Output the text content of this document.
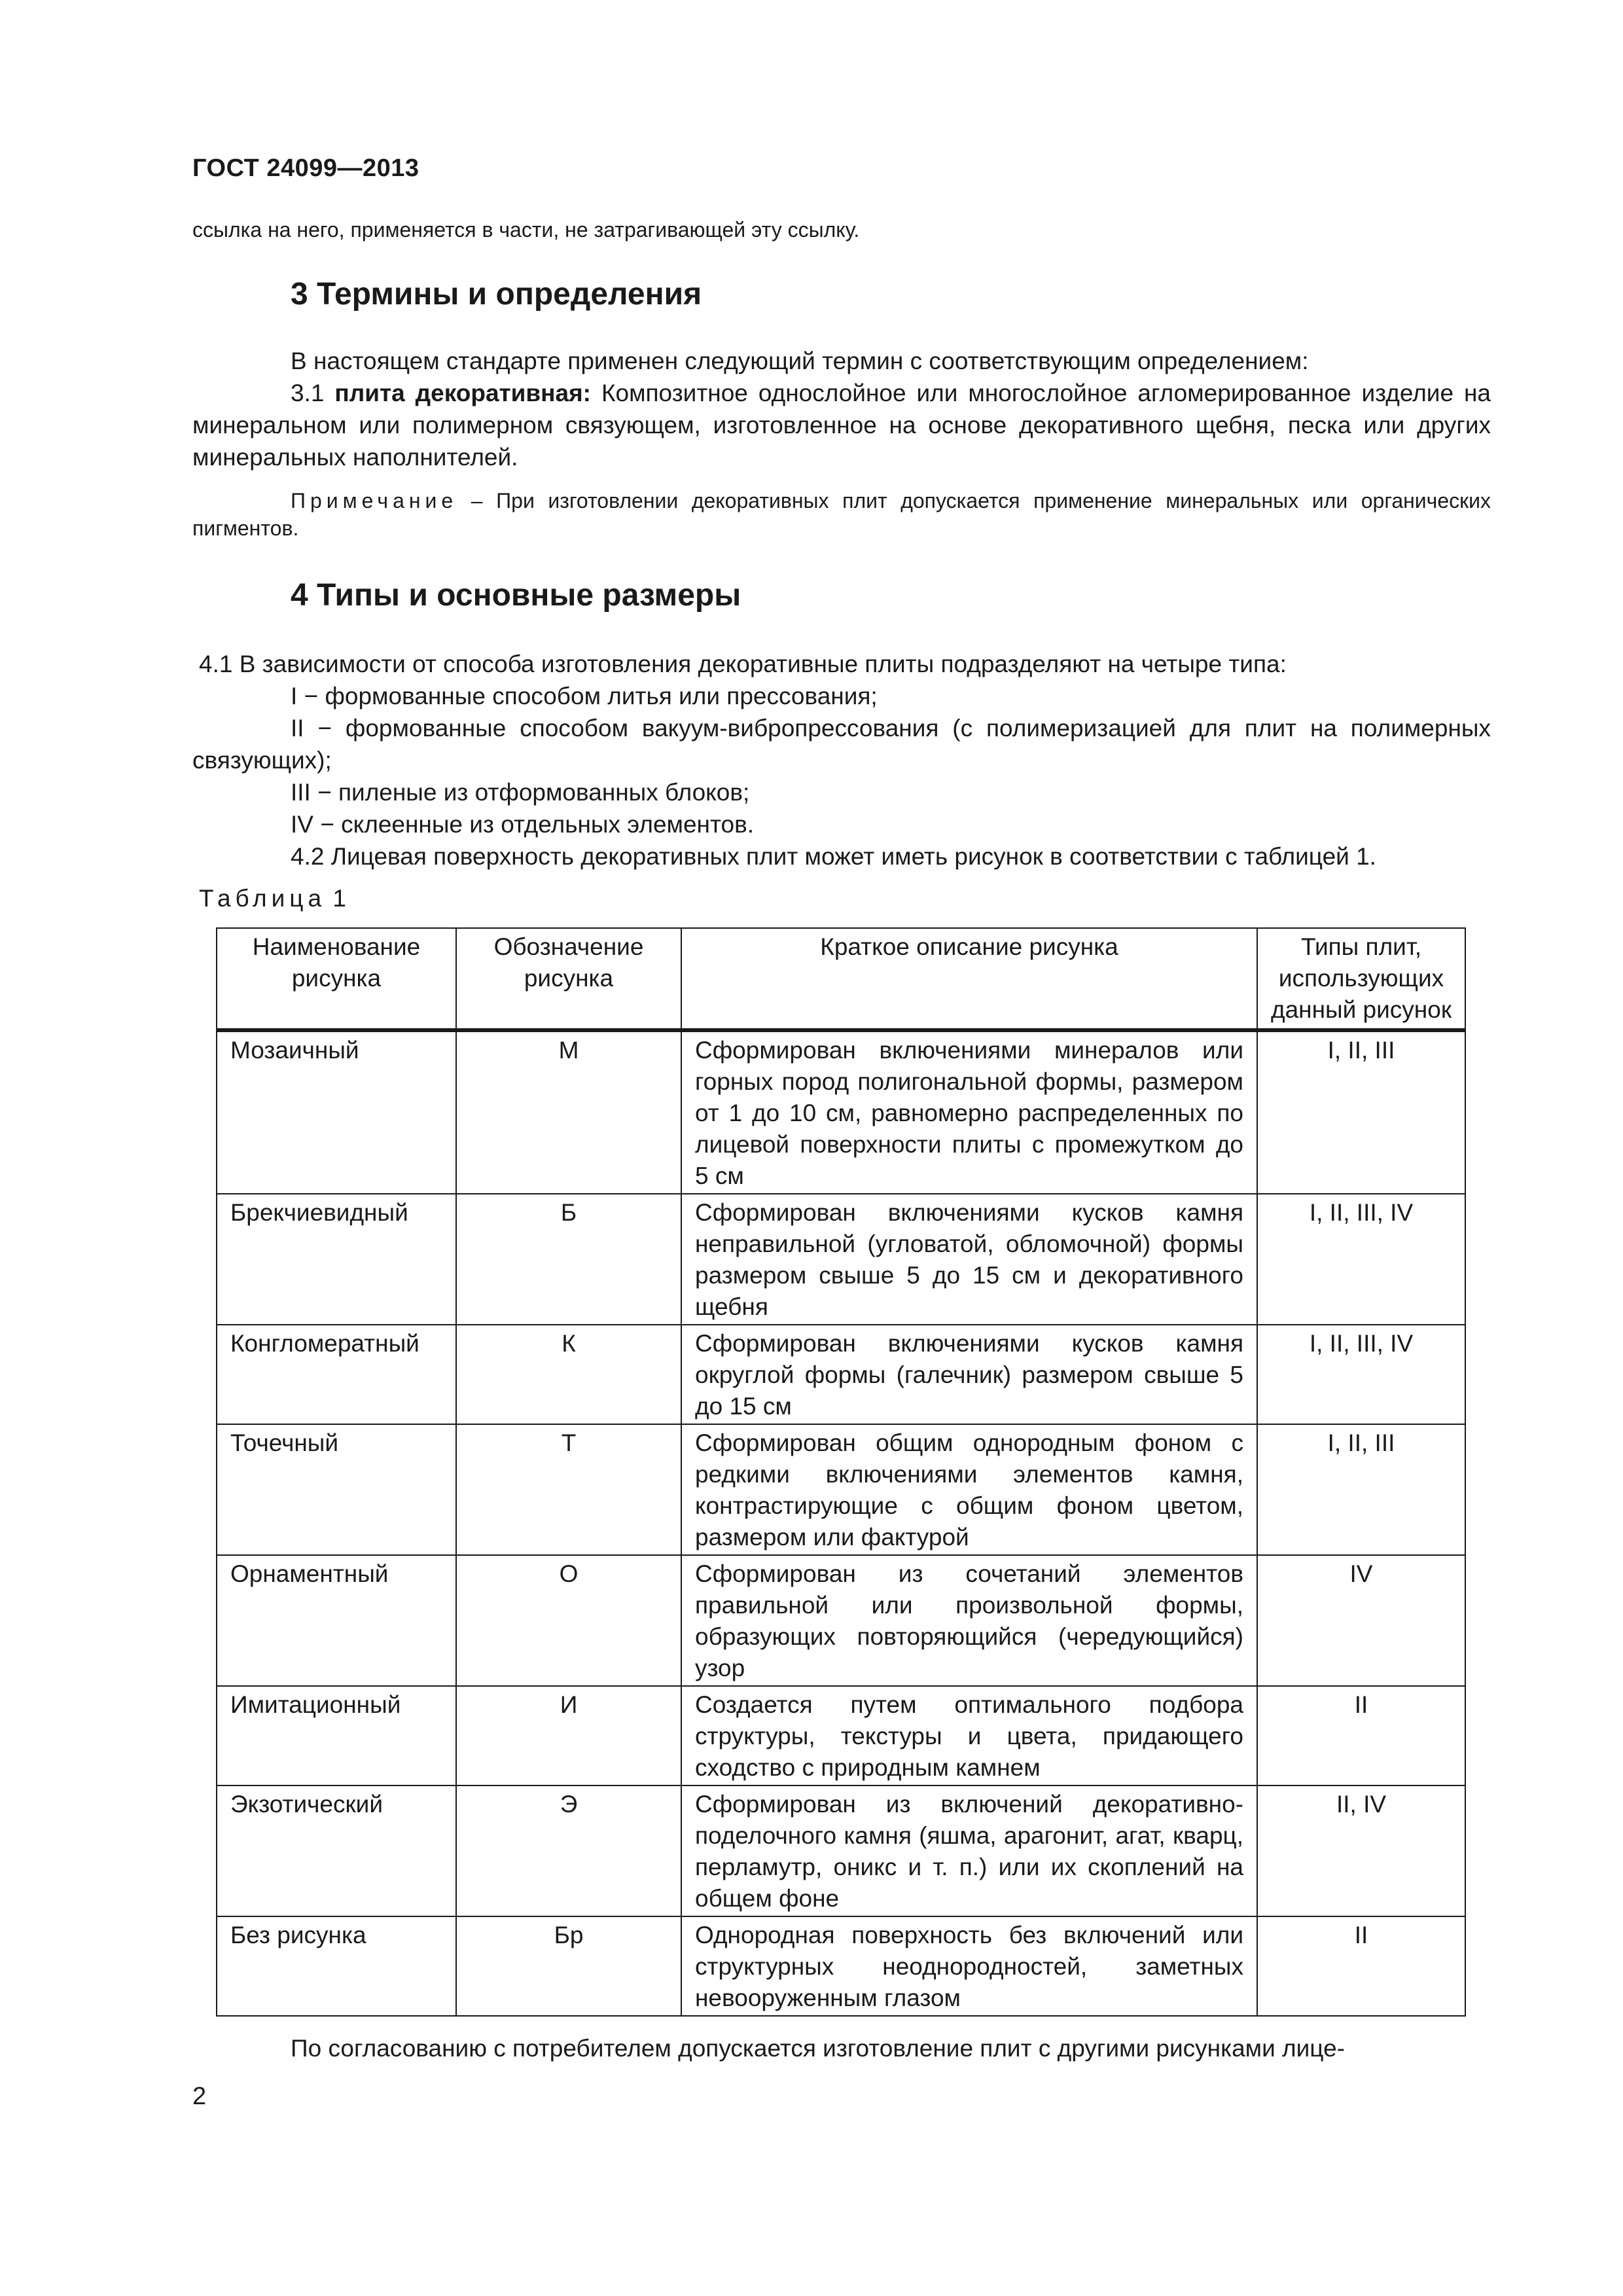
ГОСТ 24099—2013
ссылка на него, применяется в части, не затрагивающей эту ссылку.
3 Термины и определения
В настоящем стандарте применен следующий термин с соответствующим определением:
3.1 плита декоративная: Композитное однослойное или многослойное агломерированное изделие на минеральном или полимерном связующем, изготовленное на основе декоративного щебня, песка или других минеральных наполнителей.
Примечание – При изготовлении декоративных плит допускается применение минеральных или органических пигментов.
4 Типы и основные размеры
4.1 В зависимости от способа изготовления декоративные плиты подразделяют на четыре типа:
I − формованные способом литья или прессования;
II − формованные способом вакуум-вибропрессования (с полимеризацией для плит на полимерных связующих);
III − пиленые из отформованных блоков;
IV − склеенные из отдельных элементов.
4.2 Лицевая поверхность декоративных плит может иметь рисунок в соответствии с таблицей 1.
Таблица 1
Наименование рисунка	Обозначение рисунка	Краткое описание рисунка	Типы плит, использующих данный рисунок
Мозаичный	М	Сформирован включениями минералов или горных пород полигональной формы, размером от 1 до 10 см, равномерно распределенных по лицевой поверхности плиты с промежутком до 5 см	I, II, III
Брекчиевидный	Б	Сформирован включениями кусков камня неправильной (угловатой, обломочной) формы размером свыше 5 до 15 см и декоративного щебня	I, II, III, IV
Конгломератный	К	Сформирован включениями кусков камня округлой формы (галечник) размером свыше 5 до 15 см	I, II, III, IV
Точечный	Т	Сформирован общим однородным фоном с редкими включениями элементов камня, контрастирующие с общим фоном цветом, размером или фактурой	I, II, III
Орнаментный	О	Сформирован из сочетаний элементов правильной или произвольной формы, образующих повторяющийся (чередующийся) узор	IV
Имитационный	И	Создается путем оптимального подбора структуры, текстуры и цвета, придающего сходство с природным камнем	II
Экзотический	Э	Сформирован из включений декоративно-поделочного камня (яшма, арагонит, агат, кварц, перламутр, оникс и т. п.) или их скоплений на общем фоне	II, IV
Без рисунка	Бр	Однородная поверхность без включений или структурных неоднородностей, заметных невооруженным глазом	II
По согласованию с потребителем допускается изготовление плит с другими рисунками лице-
2
